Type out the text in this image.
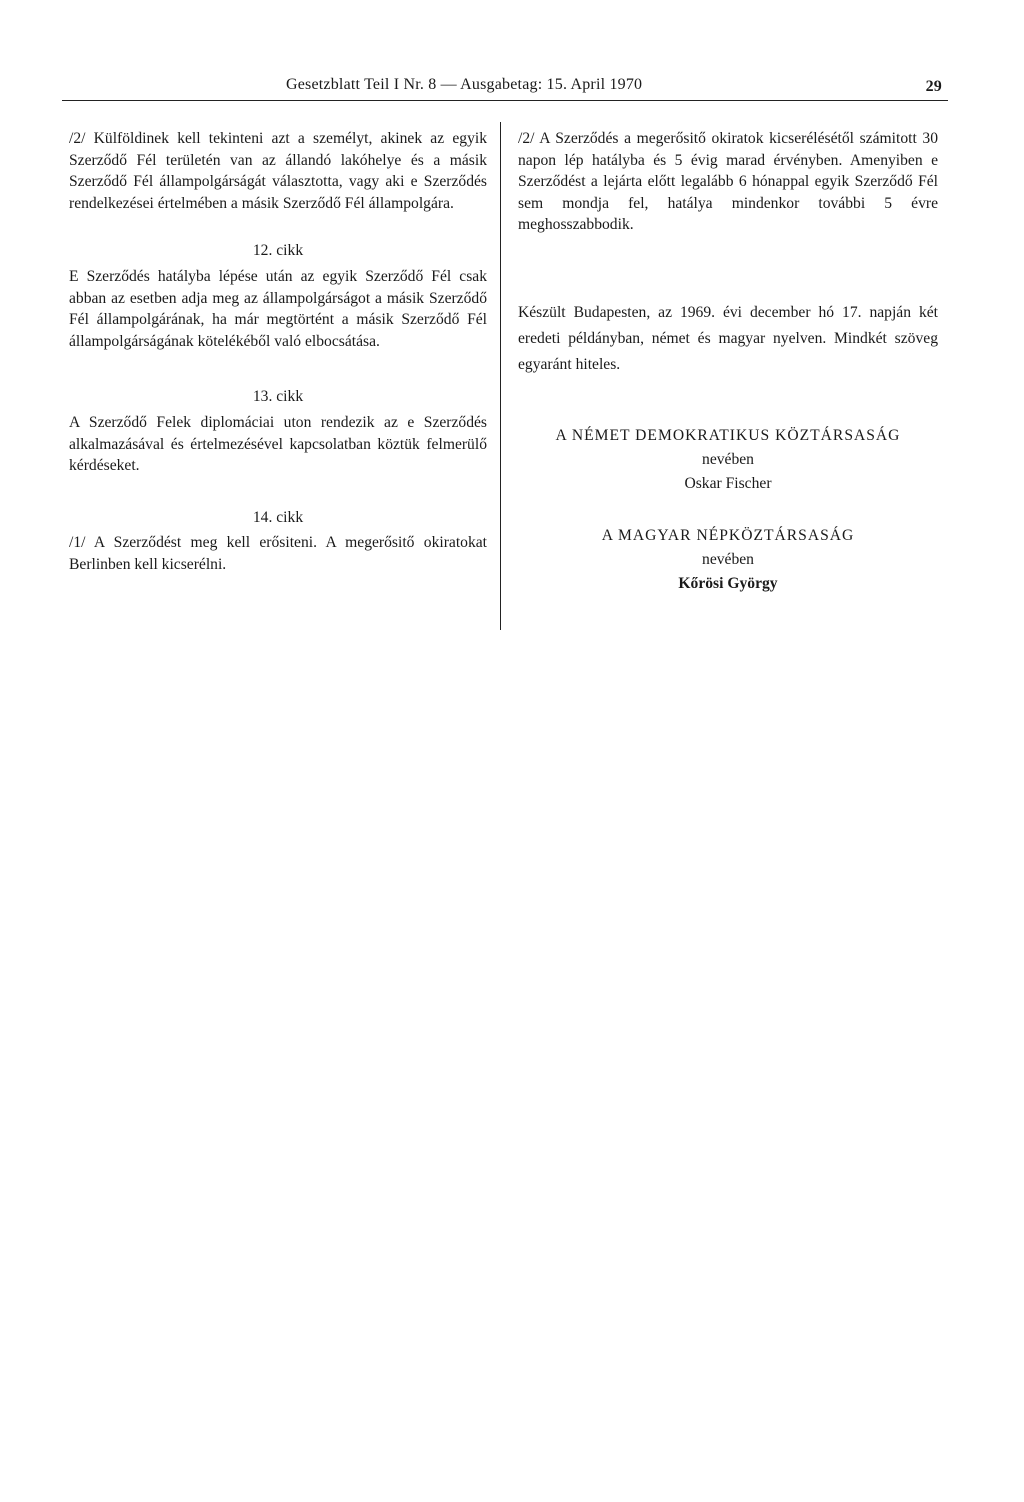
Gesetzblatt Teil I Nr. 8 — Ausgabetag: 15. April 1970	29

/2/ Külföldinek kell tekinteni azt a személyt, akinek az egyik Szerződő Fél területén van az állandó lakóhelye és a másik Szerződő Fél állampolgárságát választotta, vagy aki e Szerződés rendelkezései értelmében a másik Szerződő Fél állampolgára.

12. cikk

E Szerződés hatályba lépése után az egyik Szerződő Fél csak abban az esetben adja meg az állampolgárságot a másik Szerződő Fél állampolgárának, ha már megtörtént a másik Szerződő Fél állampolgárságának kötelékéből való elbocsátása.

13. cikk

A Szerződő Felek diplomáciai uton rendezik az e Szerződés alkalmazásával és értelmezésével kapcsolatban köztük felmerülő kérdéseket.

14. cikk

/1/ A Szerződést meg kell erősiteni. A megerősitő okiratokat Berlinben kell kicserélni.

/2/ A Szerződés a megerősitő okiratok kicserélésétől számitott 30 napon lép hatályba és 5 évig marad érvényben. Amenyiben e Szerződést a lejárta előtt legalább 6 hónappal egyik Szerződő Fél sem mondja fel, hatálya mindenkor további 5 évre meghosszabbodik.

Készült Budapesten, az 1969. évi december hó 17. napján két eredeti példányban, német és magyar nyelven. Mindkét szöveg egyaránt hiteles.

A NÉMET DEMOKRATIKUS KÖZTÁRSASÁG
nevében
Oskar Fischer
A MAGYAR NÉPKÖZTÁRSASÁG
nevében
Kőrösi György
